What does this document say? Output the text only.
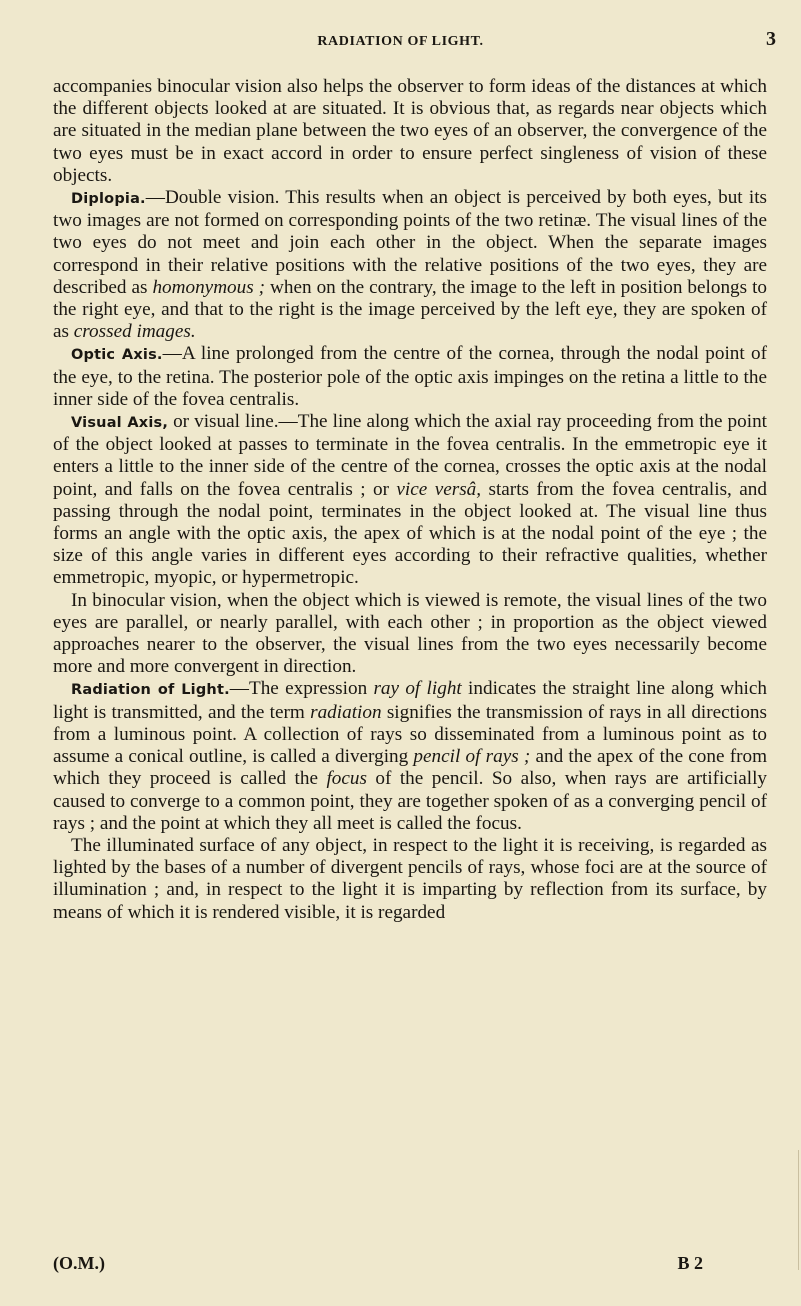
RADIATION OF LIGHT.	3

accompanies binocular vision also helps the observer to form ideas of the distances at which the different objects looked at are situated. It is obvious that, as regards near objects which are situated in the median plane between the two eyes of an observer, the convergence of the two eyes must be in exact accord in order to ensure perfect singleness of vision of these objects.

Diplopia.—Double vision. This results when an object is perceived by both eyes, but its two images are not formed on corresponding points of the two retinæ. The visual lines of the two eyes do not meet and join each other in the object. When the separate images correspond in their relative positions with the relative positions of the two eyes, they are described as homonymous ; when on the contrary, the image to the left in position belongs to the right eye, and that to the right is the image perceived by the left eye, they are spoken of as crossed images.

Optic Axis.—A line prolonged from the centre of the cornea, through the nodal point of the eye, to the retina. The posterior pole of the optic axis impinges on the retina a little to the inner side of the fovea centralis.

Visual Axis, or visual line.—The line along which the axial ray proceeding from the point of the object looked at passes to terminate in the fovea centralis. In the emmetropic eye it enters a little to the inner side of the centre of the cornea, crosses the optic axis at the nodal point, and falls on the fovea centralis ; or vice versâ, starts from the fovea centralis, and passing through the nodal point, terminates in the object looked at. The visual line thus forms an angle with the optic axis, the apex of which is at the nodal point of the eye ; the size of this angle varies in different eyes according to their refractive qualities, whether emmetropic, myopic, or hypermetropic.

In binocular vision, when the object which is viewed is remote, the visual lines of the two eyes are parallel, or nearly parallel, with each other ; in proportion as the object viewed approaches nearer to the observer, the visual lines from the two eyes necessarily become more and more convergent in direction.

Radiation of Light.—The expression ray of light indicates the straight line along which light is transmitted, and the term radiation signifies the transmission of rays in all directions from a luminous point. A collection of rays so disseminated from a luminous point as to assume a conical outline, is called a diverging pencil of rays ; and the apex of the cone from which they proceed is called the focus of the pencil. So also, when rays are artificially caused to converge to a common point, they are together spoken of as a converging pencil of rays ; and the point at which they all meet is called the focus.

The illuminated surface of any object, in respect to the light it is receiving, is regarded as lighted by the bases of a number of divergent pencils of rays, whose foci are at the source of illumination ; and, in respect to the light it is imparting by reflection from its surface, by means of which it is rendered visible, it is regarded

(O.M.)	B 2
